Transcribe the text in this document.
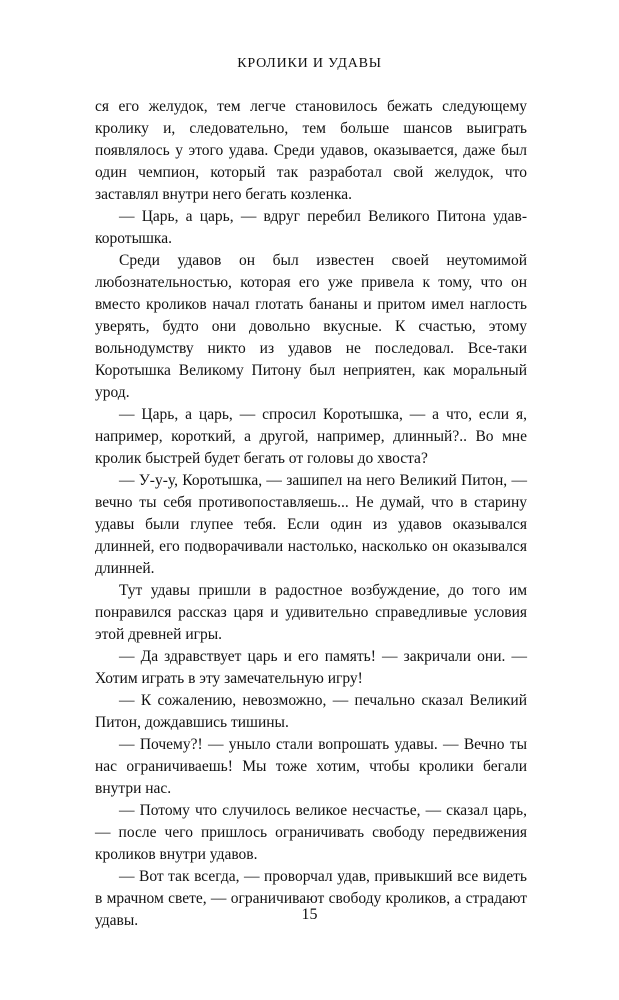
КРОЛИКИ И УДАВЫ

ся его желудок, тем легче становилось бежать следующему кролику и, следовательно, тем больше шансов выиграть появлялось у этого удава. Среди удавов, оказывается, даже был один чемпион, который так разработал свой желудок, что заставлял внутри него бегать козленка.

— Царь, а царь, — вдруг перебил Великого Питона удав-коротышка.

Среди удавов он был известен своей неутомимой любознательностью, которая его уже привела к тому, что он вместо кроликов начал глотать бананы и притом имел наглость уверять, будто они довольно вкусные. К счастью, этому вольнодумству никто из удавов не последовал. Все-таки Коротышка Великому Питону был неприятен, как моральный урод.

— Царь, а царь, — спросил Коротышка, — а что, если я, например, короткий, а другой, например, длинный?.. Во мне кролик быстрей будет бегать от головы до хвоста?

— У-у-у, Коротышка, — зашипел на него Великий Питон, — вечно ты себя противопоставляешь... Не думай, что в старину удавы были глупее тебя. Если один из удавов оказывался длинней, его подворачивали настолько, насколько он оказывался длинней.

Тут удавы пришли в радостное возбуждение, до того им понравился рассказ царя и удивительно справедливые условия этой древней игры.

— Да здравствует царь и его память! — закричали они. — Хотим играть в эту замечательную игру!

— К сожалению, невозможно, — печально сказал Великий Питон, дождавшись тишины.

— Почему?! — уныло стали вопрошать удавы. — Вечно ты нас ограничиваешь! Мы тоже хотим, чтобы кролики бегали внутри нас.

— Потому что случилось великое несчастье, — сказал царь, — после чего пришлось ограничивать свободу передвижения кроликов внутри удавов.

— Вот так всегда, — проворчал удав, привыкший все видеть в мрачном свете, — ограничивают свободу кроликов, а страдают удавы.	15
